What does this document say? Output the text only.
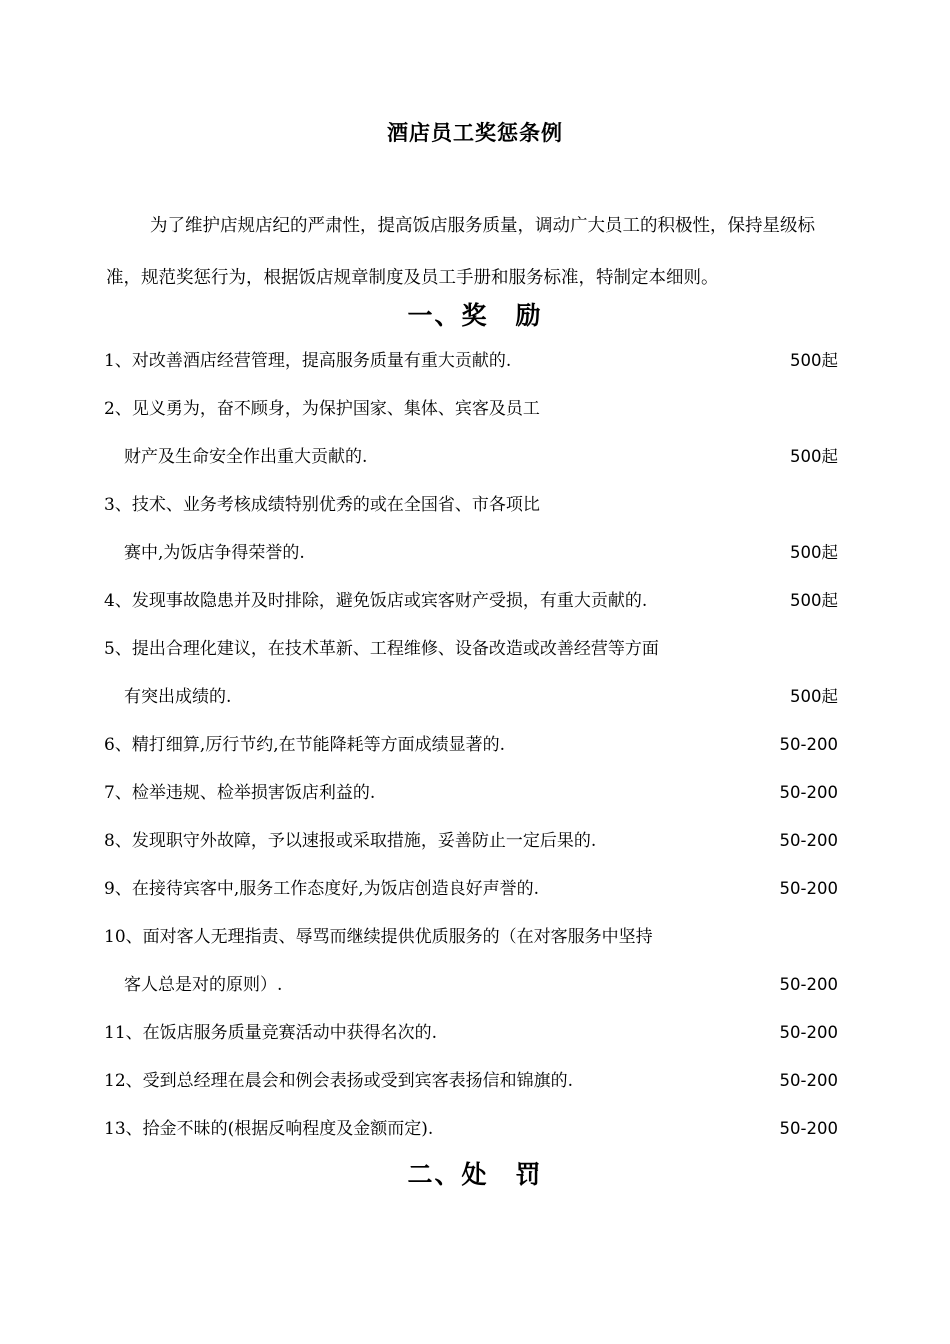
酒店员工奖惩条例
为了维护店规店纪的严肃性，提高饭店服务质量，调动广大员工的积极性，保持星级标准，规范奖惩行为，根据饭店规章制度及员工手册和服务标准，特制定本细则。
一、奖　励
1、对改善酒店经营管理，提高服务质量有重大贡献的.	500起
2、见义勇为，奋不顾身，为保护国家、集体、宾客及员工
财产及生命安全作出重大贡献的.	500起
3、技术、业务考核成绩特别优秀的或在全国省、市各项比
赛中,为饭店争得荣誉的.	500起
4、发现事故隐患并及时排除，避免饭店或宾客财产受损，有重大贡献的.	500起
5、提出合理化建议，在技术革新、工程维修、设备改造或改善经营等方面
有突出成绩的.	500起
6、精打细算,厉行节约,在节能降耗等方面成绩显著的.	50-200
7、检举违规、检举损害饭店利益的.	50-200
8、发现职守外故障，予以速报或采取措施，妥善防止一定后果的.	50-200
9、在接待宾客中,服务工作态度好,为饭店创造良好声誉的.	50-200
10、面对客人无理指责、辱骂而继续提供优质服务的（在对客服务中坚持
客人总是对的原则）.	50-200
11、在饭店服务质量竞赛活动中获得名次的.	50-200
12、受到总经理在晨会和例会表扬或受到宾客表扬信和锦旗的.	50-200
13、拾金不昧的(根据反响程度及金额而定).	50-200
二、处　罚
